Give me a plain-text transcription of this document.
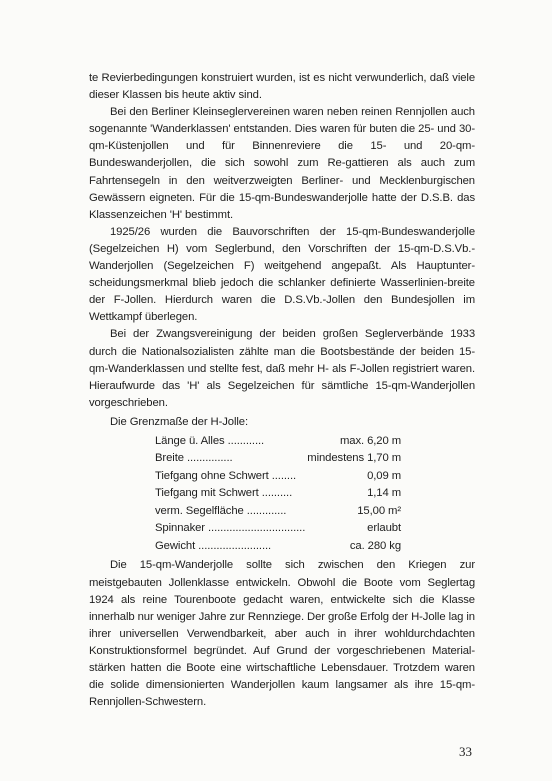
te Revierbedingungen konstruiert wurden, ist es nicht verwunderlich, daß viele dieser Klassen bis heute aktiv sind.

Bei den Berliner Kleinseglervereinen waren neben reinen Rennjollen auch sogenannte 'Wanderklassen' entstanden. Dies waren für buten die 25- und 30-qm-Küstenjollen und für Binnenreviere die 15- und 20-qm-Bundeswanderjollen, die sich sowohl zum Re-gattieren als auch zum Fahrtensegeln in den weitverzweigten Berliner- und Mecklenburgischen Gewässern eigneten. Für die 15-qm-Bundeswanderjolle hatte der D.S.B. das Klassenzeichen 'H' bestimmt.

1925/26 wurden die Bauvorschriften der 15-qm-Bundeswanderjolle (Segelzeichen H) vom Seglerbund, den Vorschriften der 15-qm-D.S.Vb.-Wanderjollen (Segelzeichen F) weitgehend angepaßt. Als Hauptunter-scheidungsmerkmal blieb jedoch die schlanker definierte Wasserlinien-breite der F-Jollen. Hierdurch waren die D.S.Vb.-Jollen den Bundesjollen im Wettkampf überlegen.

Bei der Zwangsvereinigung der beiden großen Seglerverbände 1933 durch die Nationalsozialisten zählte man die Bootsbestände der beiden 15-qm-Wanderklassen und stellte fest, daß mehr H- als F-Jollen registriert waren. Hieraufwurde das 'H' als Segelzeichen für sämtliche 15-qm-Wanderjollen vorgeschrieben.

Die Grenzmaße der H-Jolle:
Länge ü. Alles ............	max. 6,20 m
Breite ...............	mindestens 1,70 m
Tiefgang ohne Schwert ........	0,09 m
Tiefgang mit Schwert ..........	1,14 m
verm. Segelfläche .............	15,00 m²
Spinnaker ................................	erlaubt
Gewicht ........................	ca. 280 kg

Die 15-qm-Wanderjolle sollte sich zwischen den Kriegen zur meistgebauten Jollenklasse entwickeln. Obwohl die Boote vom Seglertag 1924 als reine Tourenboote gedacht waren, entwickelte sich die Klasse innerhalb nur weniger Jahre zur Rennziege. Der große Erfolg der H-Jolle lag in ihrer universellen Verwendbarkeit, aber auch in ihrer wohldurchdachten Konstruktionsformel begründet. Auf Grund der vorgeschriebenen Material-stärken hatten die Boote eine wirtschaftliche Lebensdauer. Trotzdem waren die solide dimensionierten Wanderjollen kaum langsamer als ihre 15-qm-Rennjollen-Schwestern.

33
